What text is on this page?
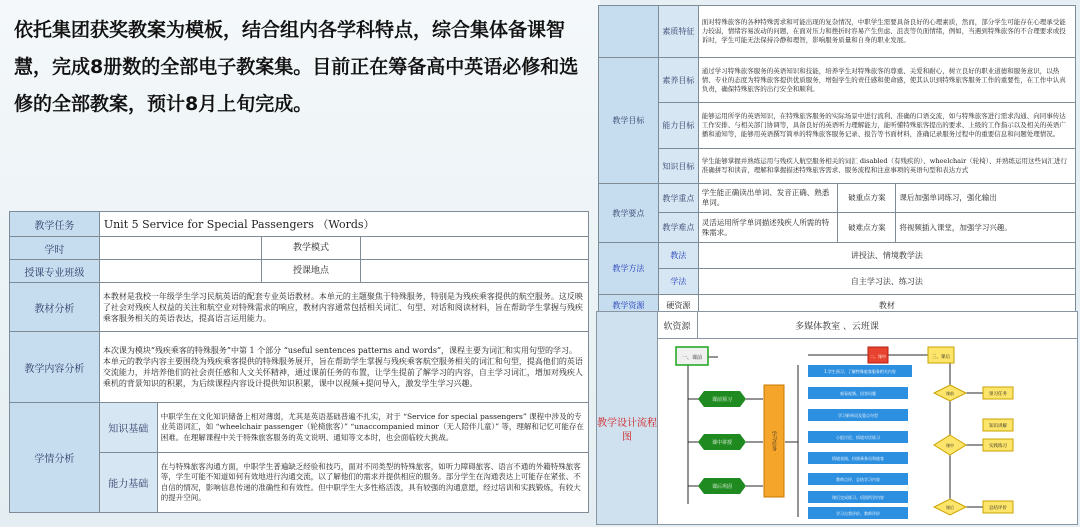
依托集团获奖教案为模板，结合组内各学科特点，综合集体备课智慧，完成8册数的全部电子教案集。目前正在筹备高中英语必修和选修的全部教案，预计8月上旬完成。
教学任务	Unit 5 Service for Special Passengers （Words）			
学时			教学模式	
授课专业班级			授课地点	
教材分析	本教材是我校一年级学生学习民航英语的配套专业英语教材。本单元的主题聚焦于特殊服务，特别是为残疾乘客提供的航空服务。这反映了社会对残疾人权益的关注和航空业对特殊需求的响应，教材内容通常包括相关词汇、句型、对话和阅读材料，旨在帮助学生掌握与残疾乘客服务相关的英语表达，提高语言运用能力。			
教学内容分析	本次课为模块“残疾乘客的特殊服务”中第 1 个部分 “useful sentences patterns and words”，课程主要为词汇和实用句型的学习。本单元的教学内容主要围绕为残疾乘客提供的特殊服务展开，旨在帮助学生掌握与残疾乘客航空服务相关的词汇和句型，提高他们的英语交流能力，并培养他们的社会责任感和人文关怀精神，通过课前任务的布置，让学生提前了解学习的内容，自主学习词汇，增加对残疾人乘机的背景知识的积累，为后续课程内容设计提供知识积累，课中以视频+提问导入，激发学生学习兴趣。			
学情分析	知识基础	中职学生在文化知识储备上相对薄弱，尤其是英语基础普遍不扎实，对于 “Service for special passengers” 课程中涉及的专业英语词汇，如 “wheelchair passenger（轮椅旅客）” “unaccompanied minor（无人陪伴儿童）” 等，理解和记忆可能存在困难。在理解课程中关于特殊旅客服务的英文说明、通知等文本时，也会面临较大挑战。		
	能力基础	在与特殊旅客沟通方面，中职学生普遍缺乏经验和技巧，面对不同类型的特殊旅客，如听力障碍旅客、语言不通的外籍特殊旅客等，学生可能不知道如何有效地进行沟通交流，以了解他们的需求并提供相应的服务。部分学生在沟通表达上可能存在紧张、不自信的情况，影响信息传递的准确性和有效性。但中职学生大多性格活泼，具有较强的沟通意愿，经过培训和实践锻炼，有较大的提升空间。		
	素质特征	面对特殊旅客的各种特殊需求和可能出现的复杂情况，中职学生需要具备良好的心理素质，然而，部分学生可能存在心理承受能力较弱，情绪容易波动的问题，在面对压力和挫折时容易产生焦虑、沮丧等负面情绪，例如，当遇到特殊旅客的不合理要求或投诉时，学生可能无法保持冷静和理智，影响服务质量和自身的职业发展。		
教学目标	素养目标	通过学习特殊旅客服务的英语知识和技能，培养学生对特殊旅客的尊重、关爱和耐心，树立良好的职业道德和服务意识，以热情、专业的态度为特殊旅客提供优质服务，增强学生的责任感和使命感，使其认识到特殊旅客服务工作的重要性，在工作中认真负责，确保特殊旅客的出行安全和顺利。		
	能力目标	能够运用所学的英语知识，在特殊旅客服务的实际场景中进行流利、准确的口语交流，如与特殊旅客进行需求沟通、向同事传达工作安排、与相关部门协调等，具备良好的英语听力理解能力，能听懂特殊旅客提出的要求、上级的工作指示以及相关的英语广播和通知等，能够用英语撰写简单的特殊旅客服务记录、报告等书面材料，准确记录服务过程中的重要信息和问题处理情况。		
	知识目标	学生能够掌握并熟练运用与残疾人航空服务相关的词汇 disabled（有残疾的）、wheelchair（轮椅）、并熟练运用这些词汇进行准确拼写和读音，理解和掌握描述特殊旅客需求、服务流程和注意事项的英语句型和表达方式		
教学要点	教学重点	学生能正确读出单词、发音正确、熟悉单词。	破重点方案	课后加强单词练习，强化输出
	教学难点	灵活运用所学单词描述残疾人所需的特殊需求。	破难点方案	将视频插入课堂，加强学习兴趣。
教学方法	教法	讲授法、情境教学法		
	学法	自主学习法、练习法		
教学资源	硬资源	教材		
软资源	多媒体教室 、云班课
教学设计流程图
一、课前	二、课中	三、课后
课前预习
课中讲授
课后巩固
学习任务
1.学生预习、了解特殊旅客服务相关内容
观看视频、回答问题
学习新单词及重点句型
小组讨论、情境对话练习
情境表演、扮演乘务员和旅客
教师点评、总结学习内容
课后完成练习、巩固所学内容
学习自我评价、教师评价
课前
课中
课后
预习任务
知识讲解
实践练习
总结评价
